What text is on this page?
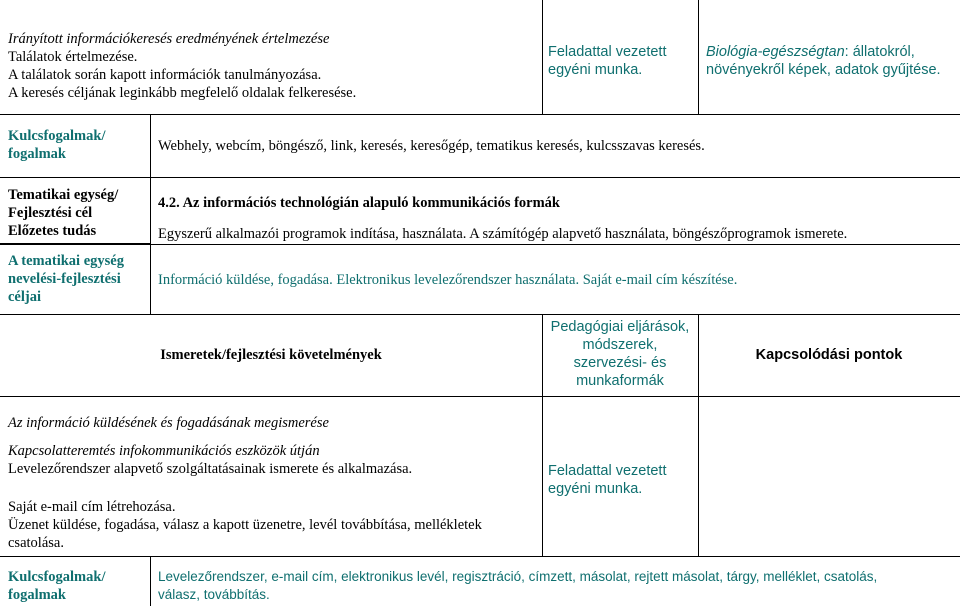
Irányított információkeresés eredményének értelmezése
Találatok értelmezése.
A találatok során kapott információk tanulmányozása.
A keresés céljának leginkább megfelelő oldalak felkeresése.
Feladattal vezetett
egyéni munka.
Biológia-egészségtan: állatokról,
növényekről képek, adatok gyűjtése.
Kulcsfogalmak/
fogalmak	Webhely, webcím, böngésző, link, keresés, keresőgép, tematikus keresés, kulcsszavas keresés.
Tematikai egység/
Fejlesztési cél
4.2. Az információs technológián alapuló kommunikációs formák
Előzetes tudás	Egyszerű alkalmazói programok indítása, használata. A számítógép alapvető használata, böngészőprogramok ismerete.
A tematikai egység
nevelési-fejlesztési
céljai
Információ küldése, fogadása. Elektronikus levelezőrendszer használata. Saját e-mail cím készítése.
Ismeretek/fejlesztési követelmények
Pedagógiai eljárások,
módszerek,
szervezési- és
munkaformák
Kapcsolódási pontok
Az információ küldésének és fogadásának megismerése
Kapcsolatteremtés infokommunikációs eszközök útján
Levelezőrendszer alapvető szolgáltatásainak ismerete és alkalmazása.
Saját e-mail cím létrehozása.
Üzenet küldése, fogadása, válasz a kapott üzenetre, levél továbbítása, mellékletek
csatolása.
Feladattal vezetett
egyéni munka.
Kulcsfogalmak/
fogalmak
Levelezőrendszer, e-mail cím, elektronikus levél, regisztráció, címzett, másolat, rejtett másolat, tárgy, melléklet, csatolás,
válasz, továbbítás.
